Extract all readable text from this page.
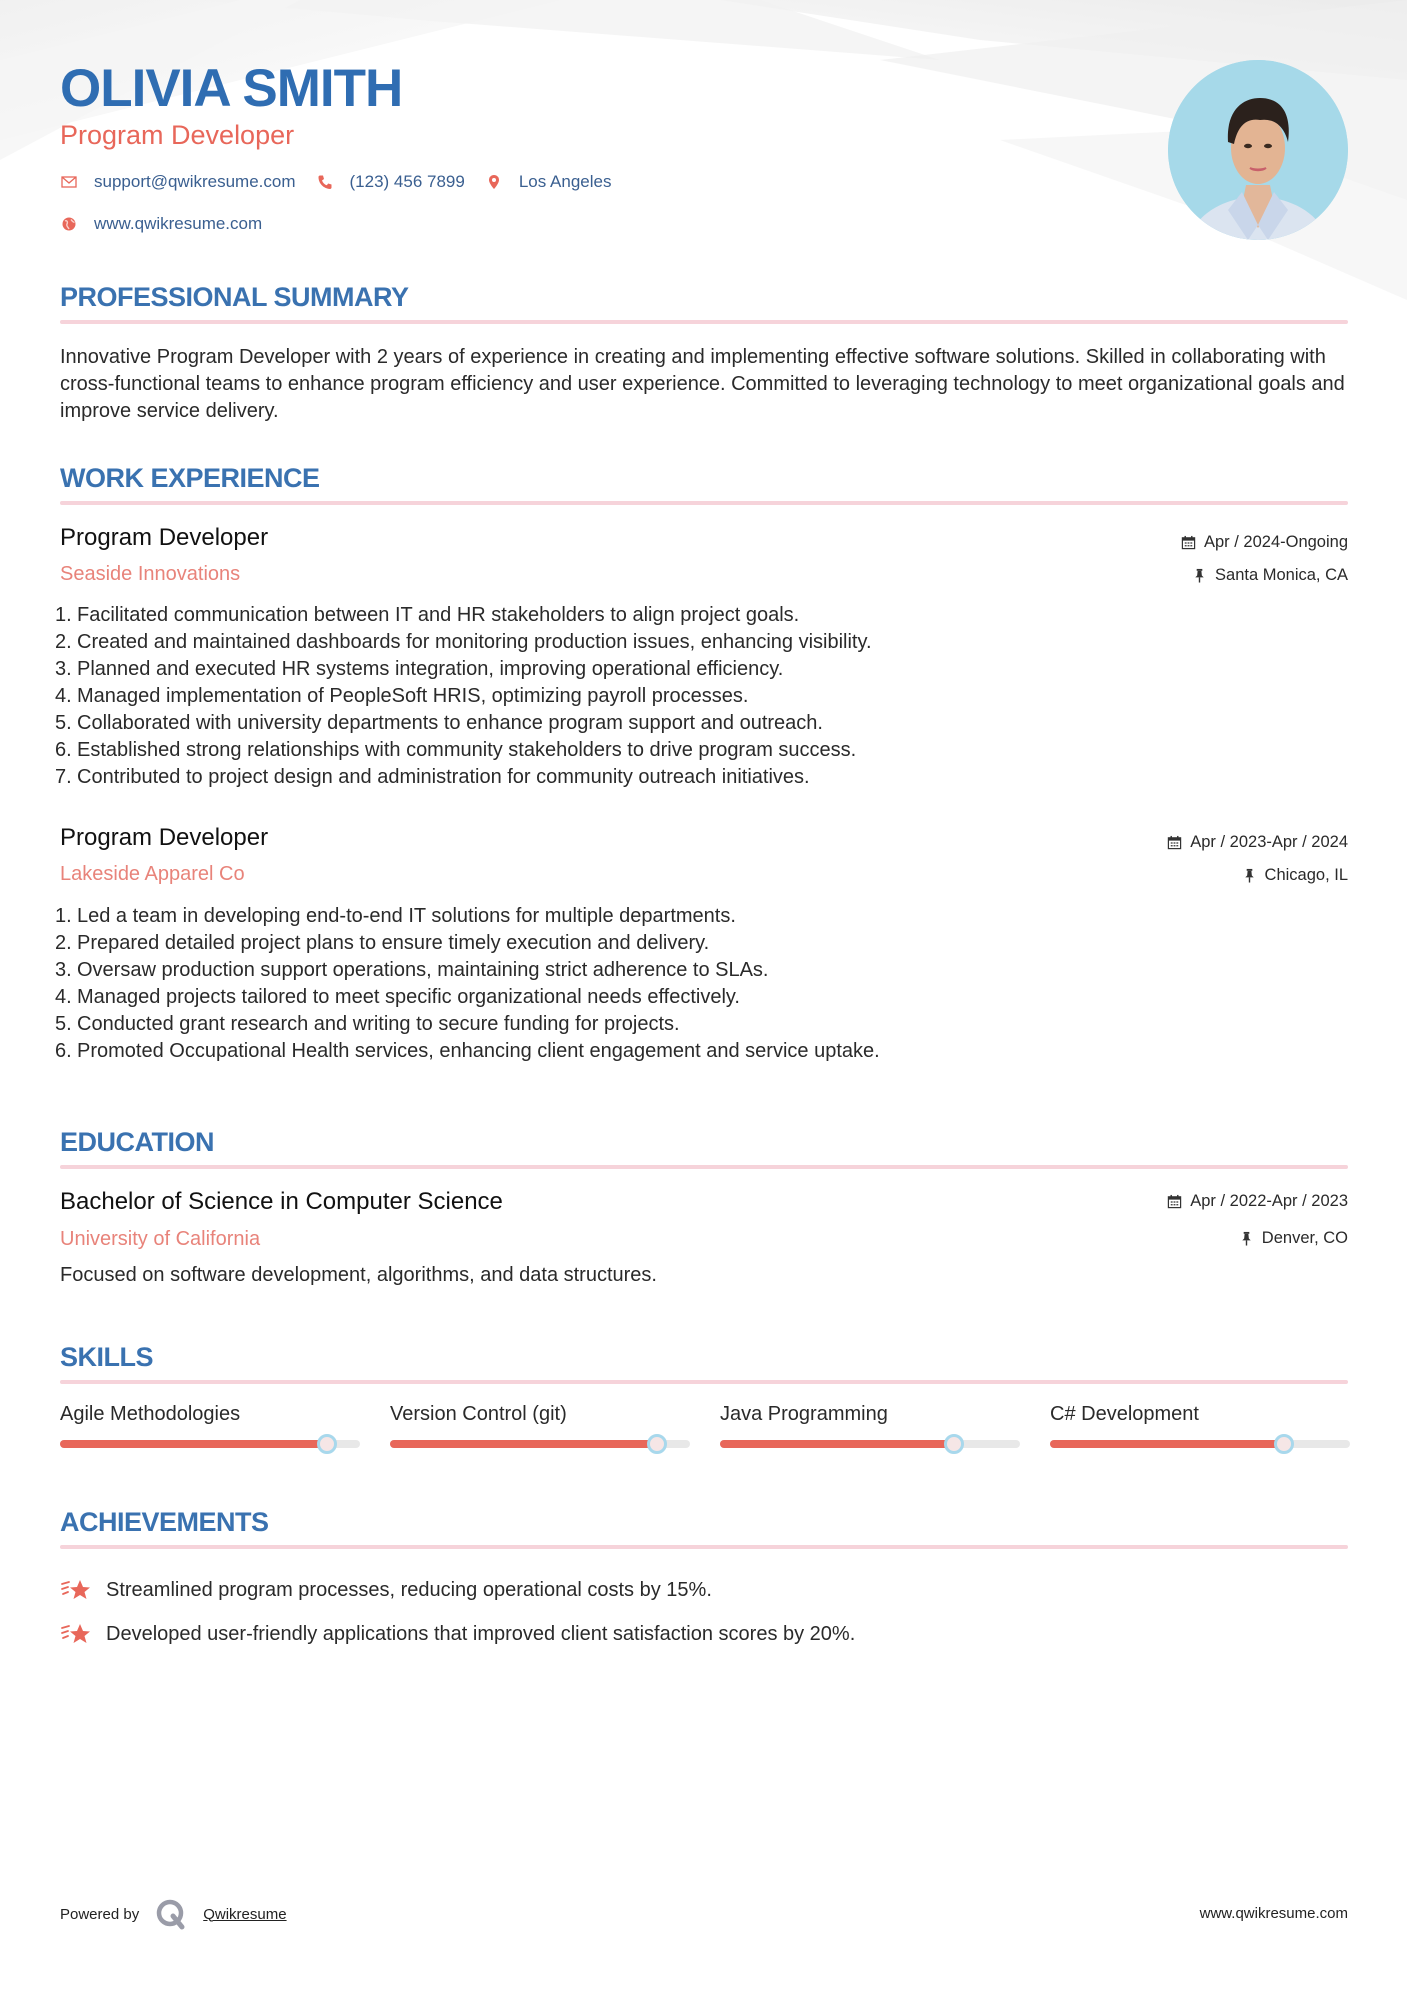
OLIVIA SMITH
Program Developer
support@qwikresume.com	(123) 456 7899	Los Angeles
www.qwikresume.com
PROFESSIONAL SUMMARY

Innovative Program Developer with 2 years of experience in creating and implementing effective software solutions. Skilled in collaborating with cross-functional teams to enhance program efficiency and user experience. Committed to leveraging technology to meet organizational goals and improve service delivery.

WORK EXPERIENCE
Program Developer
Seaside Innovations
Apr / 2024-Ongoing
Santa Monica, CA
1. Facilitated communication between IT and HR stakeholders to align project goals.
2. Created and maintained dashboards for monitoring production issues, enhancing visibility.
3. Planned and executed HR systems integration, improving operational efficiency.
4. Managed implementation of PeopleSoft HRIS, optimizing payroll processes.
5. Collaborated with university departments to enhance program support and outreach.
6. Established strong relationships with community stakeholders to drive program success.
7. Contributed to project design and administration for community outreach initiatives.
Program Developer
Lakeside Apparel Co
Apr / 2023-Apr / 2024
Chicago, IL
1. Led a team in developing end-to-end IT solutions for multiple departments.
2. Prepared detailed project plans to ensure timely execution and delivery.
3. Oversaw production support operations, maintaining strict adherence to SLAs.
4. Managed projects tailored to meet specific organizational needs effectively.
5. Conducted grant research and writing to secure funding for projects.
6. Promoted Occupational Health services, enhancing client engagement and service uptake.
EDUCATION
Bachelor of Science in Computer Science
University of California
Apr / 2022-Apr / 2023
Denver, CO

Focused on software development, algorithms, and data structures.

SKILLS
Agile Methodologies	Version Control (git)	Java Programming	C# Development
ACHIEVEMENTS
Streamlined program processes, reducing operational costs by 15%.
Developed user-friendly applications that improved client satisfaction scores by 20%.
Powered by	Qwikresume	www.qwikresume.com
